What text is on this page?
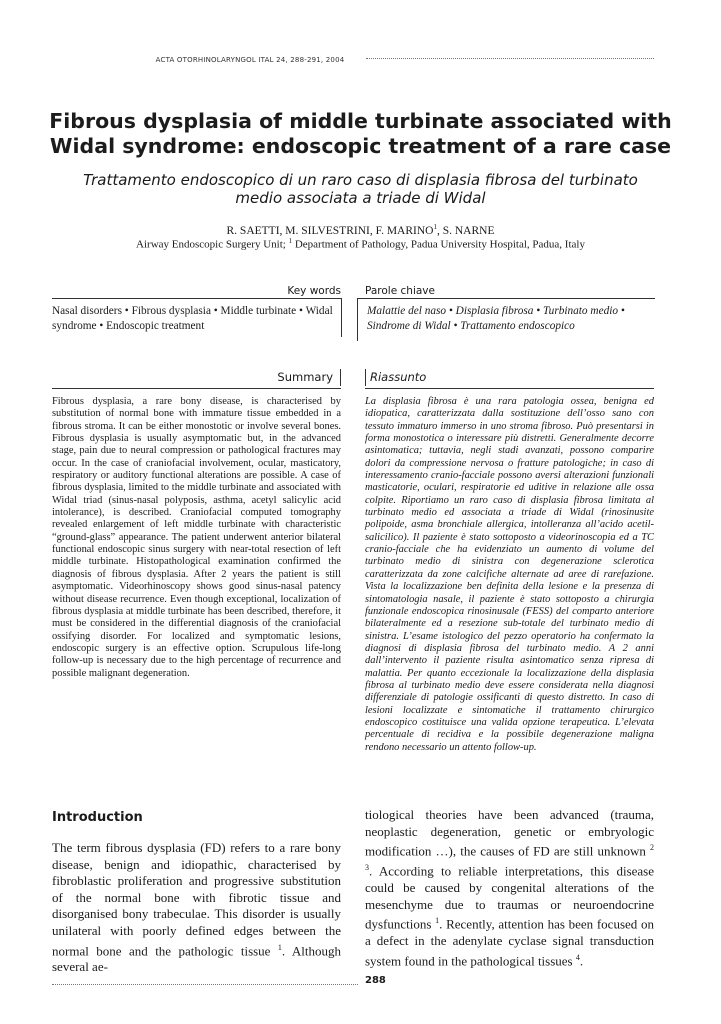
ACTA OTORHINOLARYNGOL ITAL 24, 288-291, 2004
Fibrous dysplasia of middle turbinate associated with
Widal syndrome: endoscopic treatment of a rare case
Trattamento endoscopico di un raro caso di displasia fibrosa del turbinato
medio associata a triade di Widal
R. SAETTI, M. SILVESTRINI, F. MARINO$^1$, S. NARNE
Airway Endoscopic Surgery Unit; $^1$ Department of Pathology, Padua University Hospital, Padua, Italy
Key words Parole chiave
Nasal disorders • Fibrous dysplasia • Middle turbinate • Widal syndrome • Endoscopic treatment
Malattie del naso • Displasia fibrosa • Turbinato medio • Sindrome di Widal • Trattamento endoscopico
Summary	Riassunto
Fibrous dysplasia, a rare bony disease, is characterised by substitution of normal bone with immature tissue embedded in a fibrous stroma. It can be either monostotic or involve several bones. Fibrous dysplasia is usually asymptomatic but, in the advanced stage, pain due to neural compression or pathological fractures may occur. In the case of craniofacial involvement, ocular, masticatory, respiratory or auditory functional alterations are possible. A case of fibrous dysplasia, limited to the middle turbinate and associated with Widal triad (sinus-nasal polyposis, asthma, acetyl salicylic acid intolerance), is described. Craniofacial computed tomography revealed enlargement of left middle turbinate with characteristic “ground-glass” appearance. The patient underwent anterior bilateral functional endoscopic sinus surgery with near-total resection of left middle turbinate. Histopathological examination confirmed the diagnosis of fibrous dysplasia. After 2 years the patient is still asymptomatic. Videorhinoscopy shows good sinus-nasal patency without disease recurrence. Even though exceptional, localization of fibrous dysplasia at middle turbinate has been described, therefore, it must be considered in the differential diagnosis of the craniofacial ossifying disorder. For localized and symptomatic lesions, endoscopic surgery is an effective option. Scrupulous life-long follow-up is necessary due to the high percentage of recurrence and possible malignant degeneration.
La displasia fibrosa è una rara patologia ossea, benigna ed idiopatica, caratterizzata dalla sostituzione dell’osso sano con tessuto immaturo immerso in uno stroma fibroso. Può presentarsi in forma monostotica o interessare più distretti. Generalmente decorre asintomatica; tuttavia, negli stadi avanzati, possono comparire dolori da compressione nervosa o fratture patologiche; in caso di interessamento cranio-facciale possono aversi alterazioni funzionali masticatorie, oculari, respiratorie ed uditive in relazione alle ossa colpite. Riportiamo un raro caso di displasia fibrosa limitata al turbinato medio ed associata a triade di Widal (rinosinusite polipoide, asma bronchiale allergica, intolleranza all’acido acetil-salicilico). Il paziente è stato sottoposto a videorinoscopia ed a TC cranio-facciale che ha evidenziato un aumento di volume del turbinato medio di sinistra con degenerazione sclerotica caratterizzata da zone calcifiche alternate ad aree di rarefazione. Vista la localizzazione ben definita della lesione e la presenza di sintomatologia nasale, il paziente è stato sottoposto a chirurgia funzionale endoscopica rinosinusale (FESS) del comparto anteriore bilateralmente ed a resezione sub-totale del turbinato medio di sinistra. L’esame istologico del pezzo operatorio ha confermato la diagnosi di displasia fibrosa del turbinato medio. A 2 anni dall’intervento il paziente risulta asintomatico senza ripresa di malattia. Per quanto eccezionale la localizzazione della displasia fibrosa al turbinato medio deve essere considerata nella diagnosi differenziale di patologie ossificanti di questo distretto. In caso di lesioni localizzate e sintomatiche il trattamento chirurgico endoscopico costituisce una valida opzione terapeutica. L’elevata percentuale di recidiva e la possibile degenerazione maligna rendono necessario un attento follow-up.
Introduction
The term fibrous dysplasia (FD) refers to a rare bony disease, benign and idiopathic, characterised by fibroblastic proliferation and progressive substitution of the normal bone with fibrotic tissue and disorganised bony trabeculae. This disorder is usually unilateral with poorly defined edges between the normal bone and the pathologic tissue $^1$. Although several ae-
tiological theories have been advanced (trauma, neoplastic degeneration, genetic or embryologic modification …), the causes of FD are still unknown $^{2 3}$. According to reliable interpretations, this disease could be caused by congenital alterations of the mesenchyme due to traumas or neuroendocrine dysfunctions $^1$. Recently, attention has been focused on a defect in the adenylate cyclase signal transduction system found in the pathological tissues $^4$.
288
